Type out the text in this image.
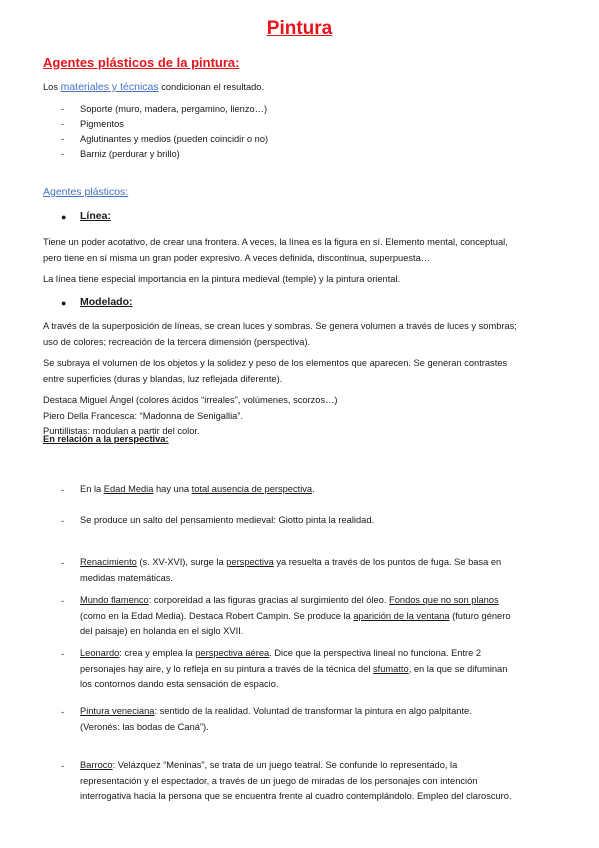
Pintura
Agentes plásticos de la pintura:
Los materiales y técnicas condicionan el resultado.
- Soporte (muro, madera, pergamino, lienzo…)
- Pigmentos
- Aglutinantes y medios (pueden coincidir o no)
- Barniz (perdurar y brillo)
Agentes plásticos:
● Línea:
Tiene un poder acotativo, de crear una frontera. A veces, la línea es la figura en sí. Elemento mental, conceptual,
pero tiene en sí misma un gran poder expresivo. A veces definida, discontinua, superpuesta…
La línea tiene especial importancia en la pintura medieval (temple) y la pintura oriental.
● Modelado:
A través de la superposición de líneas, se crean luces y sombras. Se genera volumen a través de luces y sombras;
uso de colores; recreación de la tercera dimensión (perspectiva).
Se subraya el volumen de los objetos y la solidez y peso de los elementos que aparecen. Se generan contrastes
entre superficies (duras y blandas, luz reflejada diferente).
Destaca Miguel Ángel (colores ácidos “irreales”, volúmenes, scorzos…)
Piero Della Francesca: “Madonna de Senigallia”.
Puntillistas: modulan a partir del color.
En relación a la perspectiva:
- En la Edad Media hay una total ausencia de perspectiva.
- Se produce un salto del pensamiento medieval: Giotto pinta la realidad.
- Renacimiento (s. XV-XVI), surge la perspectiva ya resuelta a través de los puntos de fuga. Se basa en
medidas matemáticas.
- Mundo flamenco: corporeidad a las figuras gracias al surgimiento del óleo. Fondos que no son planos
(como en la Edad Media). Destaca Robert Campin. Se produce la aparición de la ventana (futuro género
del paisaje) en holanda en el siglo XVII.
- Leonardo: crea y emplea la perspectiva aérea. Dice que la perspectiva lineal no funciona. Entre 2
personajes hay aire, y lo refleja en su pintura a través de la técnica del sfumatto, en la que se difuminan
los contornos dando esta sensación de espacio.
- Pintura veneciana: sentido de la realidad. Voluntad de transformar la pintura en algo palpitante.
(Veronés: las bodas de Caná”).
- Barroco: Velázquez “Meninas”, se trata de un juego teatral. Se confunde lo representado, la
representación y el espectador, a través de un juego de miradas de los personajes con intención
interrogativa hacia la persona que se encuentra frente al cuadro contemplándolo. Empleo del claroscuro.
